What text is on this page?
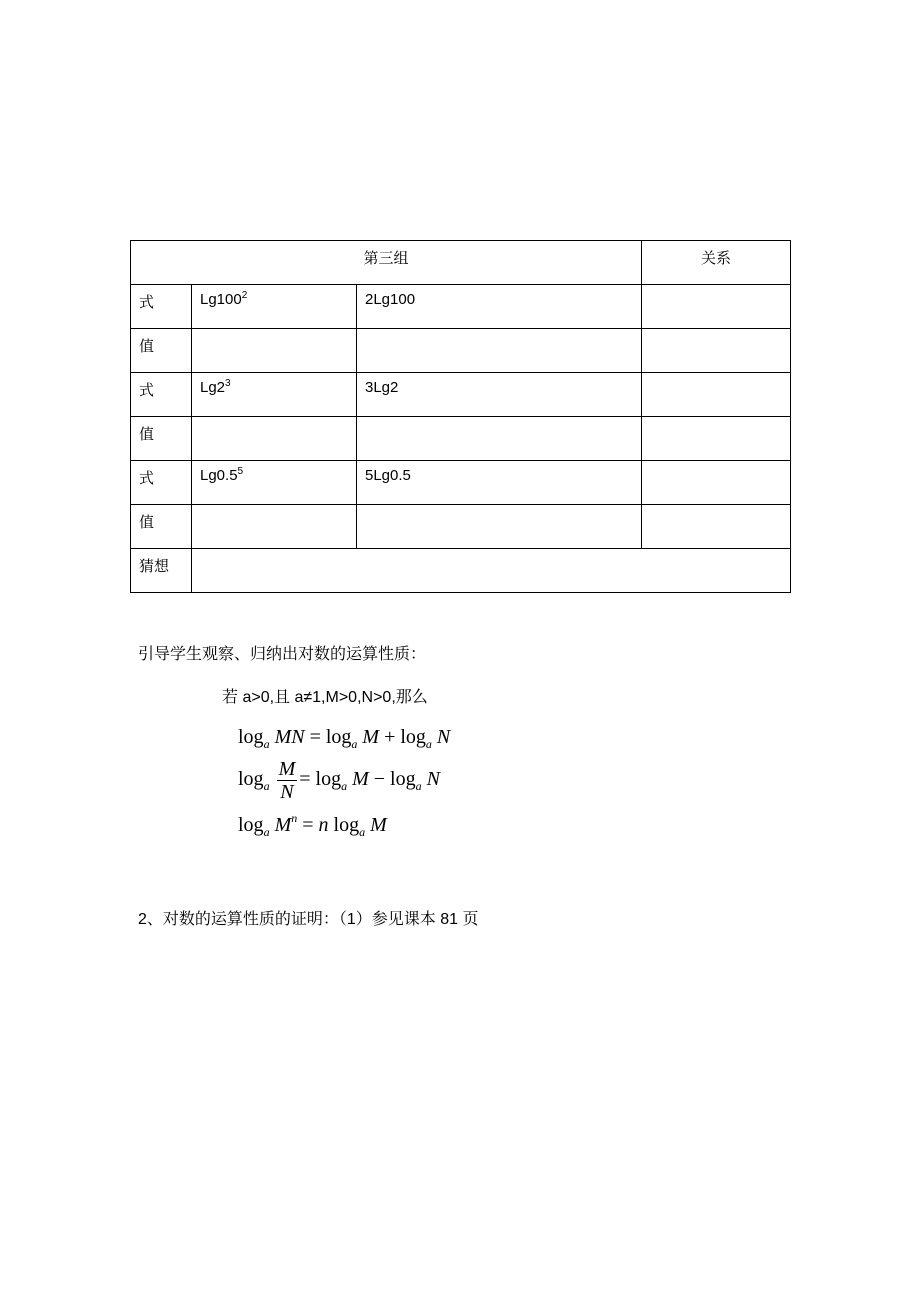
第三组			关系
式	$Lg100^2$	2Lg100	
值			
式	$Lg2^3$	3Lg2	
值			
式	$Lg0.5^5$	5Lg0.5	
值			
猜想			
引导学生观察、归纳出对数的运算性质：
若 a>0,且 a≠1,M>0,N>0,那么
$\log_a$ MN = $\log_a M + \log_a N$
$\log_a \frac{M}{N} = \log_a M - \log_a N$
$\log_a M^n = n$ $\log_a M$
2、对数的运算性质的证明：（1）参见课本 81 页
